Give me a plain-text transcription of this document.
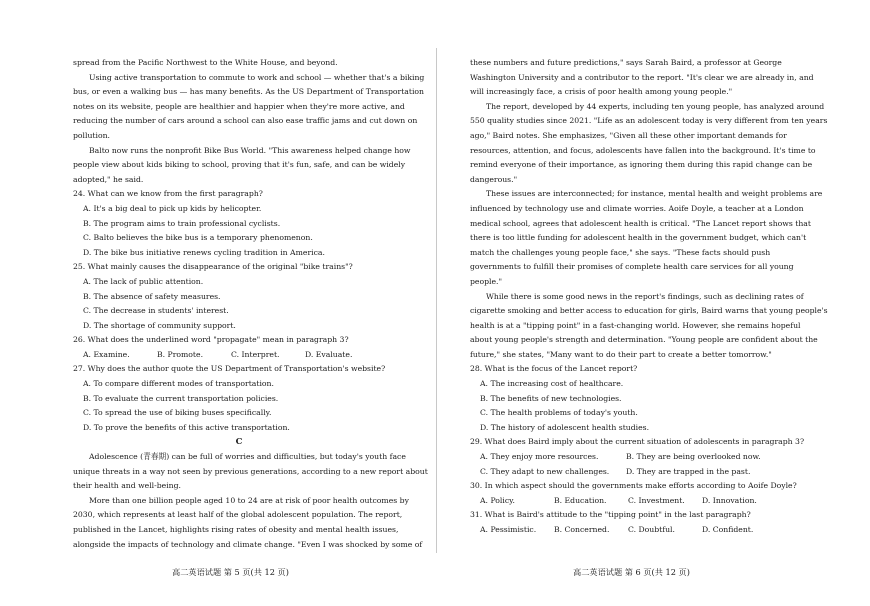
spread from the Pacific Northwest to the White House, and beyond.
Using active transportation to commute to work and school — whether that's a biking
bus, or even a walking bus — has many benefits. As the US Department of Transportation
notes on its website, people are healthier and happier when they're more active, and
reducing the number of cars around a school can also ease traffic jams and cut down on
pollution.
Balto now runs the nonprofit Bike Bus World. "This awareness helped change how
people view about kids biking to school, proving that it's fun, safe, and can be widely
adopted," he said.
24. What can we know from the first paragraph?
A. It's a big deal to pick up kids by helicopter.
B. The program aims to train professional cyclists.
C. Balto believes the bike bus is a temporary phenomenon.
D. The bike bus initiative renews cycling tradition in America.
25. What mainly causes the disappearance of the original "bike trains"?
A. The lack of public attention.
B. The absence of safety measures.
C. The decrease in students' interest.
D. The shortage of community support.
26. What does the underlined word "propagate" mean in paragraph 3?
A. Examine.	B. Promote.	C. Interpret.	D. Evaluate.
27. Why does the author quote the US Department of Transportation's website?
A. To compare different modes of transportation.
B. To evaluate the current transportation policies.
C. To spread the use of biking buses specifically.
D. To prove the benefits of this active transportation.
C
Adolescence (青春期) can be full of worries and difficulties, but today's youth face
unique threats in a way not seen by previous generations, according to a new report about
their health and well-being.
More than one billion people aged 10 to 24 are at risk of poor health outcomes by
2030, which represents at least half of the global adolescent population. The report,
published in the Lancet, highlights rising rates of obesity and mental health issues,
alongside the impacts of technology and climate change. "Even I was shocked by some of
these numbers and future predictions," says Sarah Baird, a professor at George
Washington University and a contributor to the report. "It's clear we are already in, and
will increasingly face, a crisis of poor health among young people."
The report, developed by 44 experts, including ten young people, has analyzed around
550 quality studies since 2021. "Life as an adolescent today is very different from ten years
ago," Baird notes. She emphasizes, "Given all these other important demands for
resources, attention, and focus, adolescents have fallen into the background. It's time to
remind everyone of their importance, as ignoring them during this rapid change can be
dangerous."
These issues are interconnected; for instance, mental health and weight problems are
influenced by technology use and climate worries. Aoife Doyle, a teacher at a London
medical school, agrees that adolescent health is critical. "The Lancet report shows that
there is too little funding for adolescent health in the government budget, which can't
match the challenges young people face," she says. "These facts should push
governments to fulfill their promises of complete health care services for all young
people."
While there is some good news in the report's findings, such as declining rates of
cigarette smoking and better access to education for girls, Baird warns that young people's
health is at a "tipping point" in a fast-changing world. However, she remains hopeful
about young people's strength and determination. "Young people are confident about the
future," she states, "Many want to do their part to create a better tomorrow."
28. What is the focus of the Lancet report?
A. The increasing cost of healthcare.
B. The benefits of new technologies.
C. The health problems of today's youth.
D. The history of adolescent health studies.
29. What does Baird imply about the current situation of adolescents in paragraph 3?
A. They enjoy more resources.	B. They are being overlooked now.
C. They adapt to new challenges.	D. They are trapped in the past.
30. In which aspect should the governments make efforts according to Aoife Doyle?
A. Policy.	B. Education.	C. Investment.	D. Innovation.
31. What is Baird's attitude to the "tipping point" in the last paragraph?
A. Pessimistic.	B. Concerned.	C. Doubtful.	D. Confident.
高二英语试题 第 5 页(共 12 页)	高二英语试题 第 6 页(共 12 页)
